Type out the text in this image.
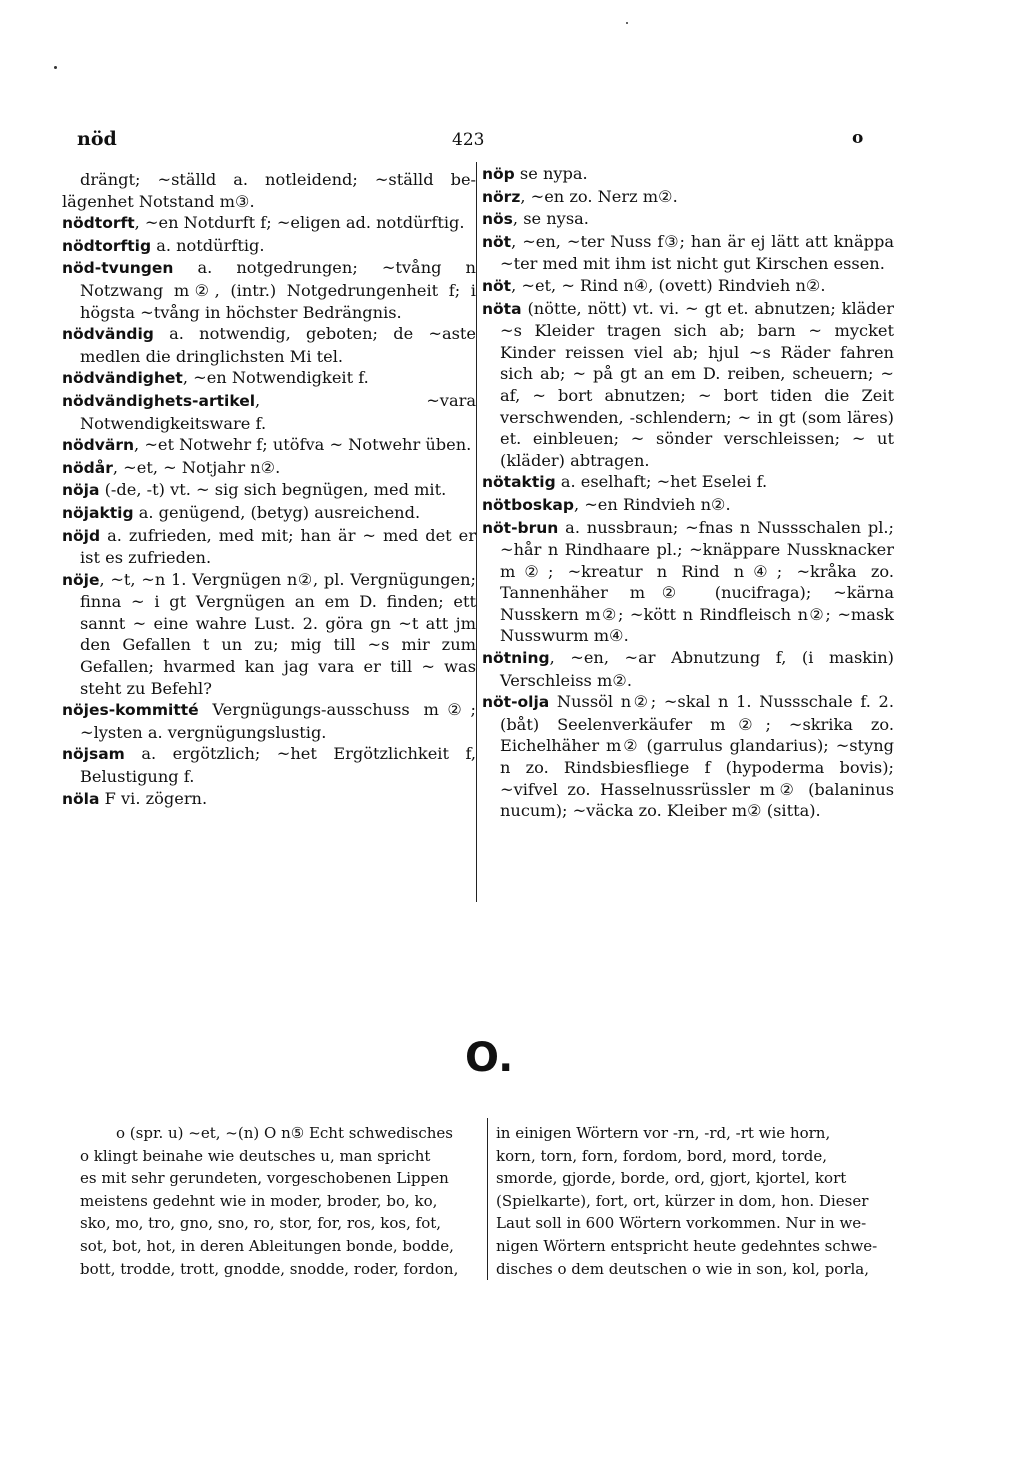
nöd	423	o

drängt; ~ställd a. notleidend; ~ställd be- lägenhet Notstand m③.

nödtorft, ~en Notdurft f; ~eligen ad. notdürftig.

nödtorftig a. notdürftig.

nöd-tvungen a. notgedrungen; ~tvång n Notzwang m②, (intr.) Notgedrungenheit f; i högsta ~tvång in höchster Bedrängnis.

nödvändig a. notwendig, geboten; de ~aste medlen die dringlichsten Mi tel.

nödvändighet, ~en Notwendigkeit f.

nödvändighets-artikel, ~vara Notwendigkeitsware f.

nödvärn, ~et Notwehr f; utöfva ~ Notwehr üben.

nödår, ~et, ~ Notjahr n②.

nöja (-de, -t) vt. ~ sig sich begnügen, med mit.

nöjaktig a. genügend, (betyg) ausreichend.

nöjd a. zufrieden, med mit; han är ~ med det er ist es zufrieden.

nöje, ~t, ~n 1. Vergnügen n②, pl. Vergnügungen; finna ~ i gt Vergnügen an em D. finden; ett sannt ~ eine wahre Lust. 2. göra gn ~t att jm den Gefallen t un zu; mig till ~s mir zum Gefallen; hvarmed kan jag vara er till ~ was steht zu Befehl?

nöjes-kommitté Vergnügungs-ausschuss m②; ~lysten a. vergnügungslustig.

nöjsam a. ergötzlich; ~het Ergötzlichkeit f, Belustigung f.

nöla F vi. zögern.

nöp se nypa.

nörz, ~en zo. Nerz m②.

nös, se nysa.

nöt, ~en, ~ter Nuss f③; han är ej lätt att knäppa ~ter med mit ihm ist nicht gut Kirschen essen.

nöt, ~et, ~ Rind n④, (ovett) Rindvieh n②.

nöta (nötte, nött) vt. vi. ~ gt et. abnutzen; kläder ~s Kleider tragen sich ab; barn ~ mycket Kinder reissen viel ab; hjul ~s Räder fahren sich ab; ~ på gt an em D. reiben, scheuern; ~ af, ~ bort abnutzen; ~ bort tiden die Zeit verschwenden, -schlendern; ~ in gt (som läres) et. einbleuen; ~ sönder verschleissen; ~ ut (kläder) abtragen.

nötaktig a. eselhaft; ~het Eselei f.

nötboskap, ~en Rindvieh n②.

nöt-brun a. nussbraun; ~fnas n Nussschalen pl.; ~hår n Rindhaare pl.; ~knäppare Nussknacker m②; ~kreatur n Rind n④; ~kråka zo. Tannenhäher m② (nucifraga); ~kärna Nusskern m②; ~kött n Rindfleisch n②; ~mask Nusswurm m④.

nötning, ~en, ~ar Abnutzung f, (i maskin) Verschleiss m②.

nöt-olja Nussöl n②; ~skal n 1. Nussschale f. 2. (båt) Seelenverkäufer m②; ~skrika zo. Eichelhäher m② (garrulus glandarius); ~styng n zo. Rindsbiesfliege f (hypoderma bovis); ~vifvel zo. Hasselnussrüssler m② (balaninus nucum); ~väcka zo. Kleiber m② (sitta).

O.
o (spr. u) ~et, ~(n) O n⑤ Echt schwedisches
o klingt beinahe wie deutsches u, man spricht
es mit sehr gerundeten, vorgeschobenen Lippen
meistens gedehnt wie in moder, broder, bo, ko,
sko, mo, tro, gno, sno, ro, stor, for, ros, kos, fot,
sot, bot, hot, in deren Ableitungen bonde, bodde,
bott, trodde, trott, gnodde, snodde, roder, fordon,
in einigen Wörtern vor -rn, -rd, -rt wie horn,
korn, torn, forn, fordom, bord, mord, torde,
smorde, gjorde, borde, ord, gjort, kjortel, kort
(Spielkarte), fort, ort, kürzer in dom, hon. Dieser
Laut soll in 600 Wörtern vorkommen. Nur in we-
nigen Wörtern entspricht heute gedehntes schwe-
disches o dem deutschen o wie in son, kol, porla,
